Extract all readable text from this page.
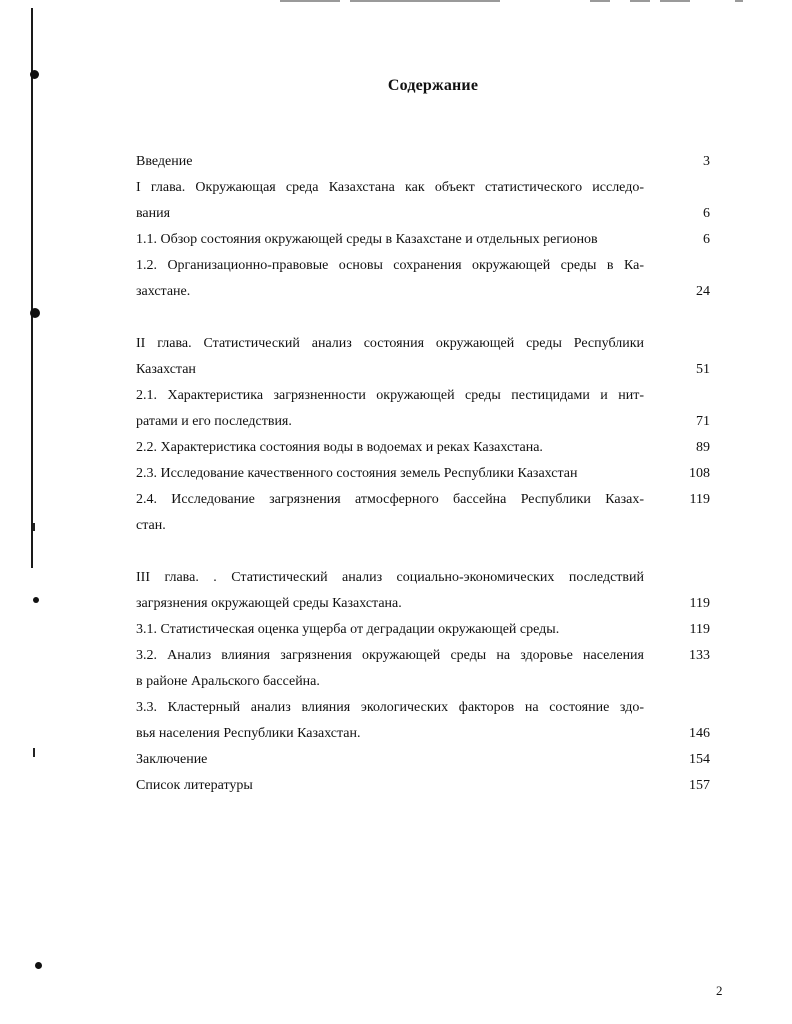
Содержание
Введение	3
I глава. Окружающая среда Казахстана как объект статистического исследо-
вания	6
1.1. Обзор состояния окружающей среды в Казахстане и отдельных регионов	6
1.2. Организационно-правовые основы сохранения окружающей среды в Ка-
захстане.	24
II глава. Статистический анализ состояния окружающей среды Республики
Казахстан	51
2.1. Характеристика загрязненности окружающей среды пестицидами и нит-
ратами и его последствия.	71
2.2. Характеристика состояния воды в водоемах и реках Казахстана.	89
2.3. Исследование качественного состояния земель Республики Казахстан	108
2.4. Исследование загрязнения атмосферного бассейна Республики Казах-	119
стан.
III глава. . Статистический анализ социально-экономических последствий
загрязнения окружающей среды Казахстана.	119
3.1. Статистическая оценка ущерба от деградации окружающей среды.	119
3.2. Анализ влияния загрязнения окружающей среды на здоровье населения	133
в районе Аральского бассейна.
3.3. Кластерный анализ влияния экологических факторов на состояние здо-
вья населения Республики Казахстан.	146
Заключение	154
Список литературы	157
2
